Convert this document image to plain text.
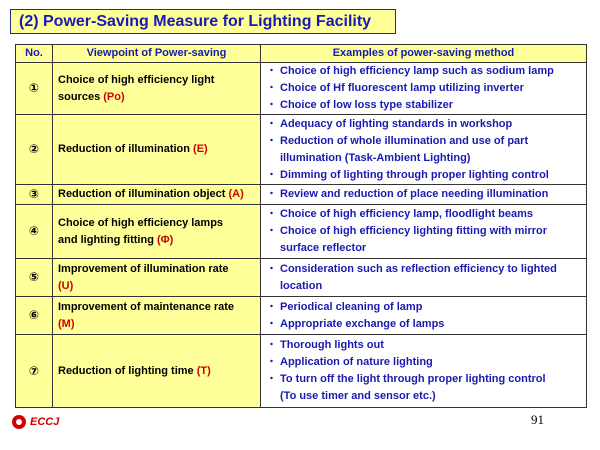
(2) Power-Saving Measure for Lighting Facility
No.	Viewpoint of Power-saving	Examples of power-saving method
①	Choice of high efficiency light
sources (Po)	・ Choice of high efficiency lamp such as sodium lamp
・ Choice of Hf fluorescent lamp utilizing inverter
・ Choice of low loss type stabilizer

②	Reduction of illumination (E)	・ Adequacy of lighting standards in workshop
・ Reduction of whole illumination and use of part
illumination (Task-Ambient Lighting)
・ Dimming of lighting through proper lighting control

③	Reduction of illumination object (A)	・ Review and reduction of place needing illumination

④	Choice of high efficiency lamps
and lighting fitting (Φ)	・ Choice of high efficiency lamp, floodlight beams
・ Choice of high efficiency lighting fitting with mirror
surface reflector

⑤	Improvement of illumination rate
(U)	・ Consideration such as reflection efficiency to lighted
location

⑥	Improvement of maintenance rate
(M)	・ Periodical cleaning of lamp
・ Appropriate exchange of lamps

⑦	Reduction of lighting time (T)	・ Thorough lights out
・ Application of nature lighting
・ To turn off the light through proper lighting control
(To use timer and sensor etc.)
ECCJ	91
